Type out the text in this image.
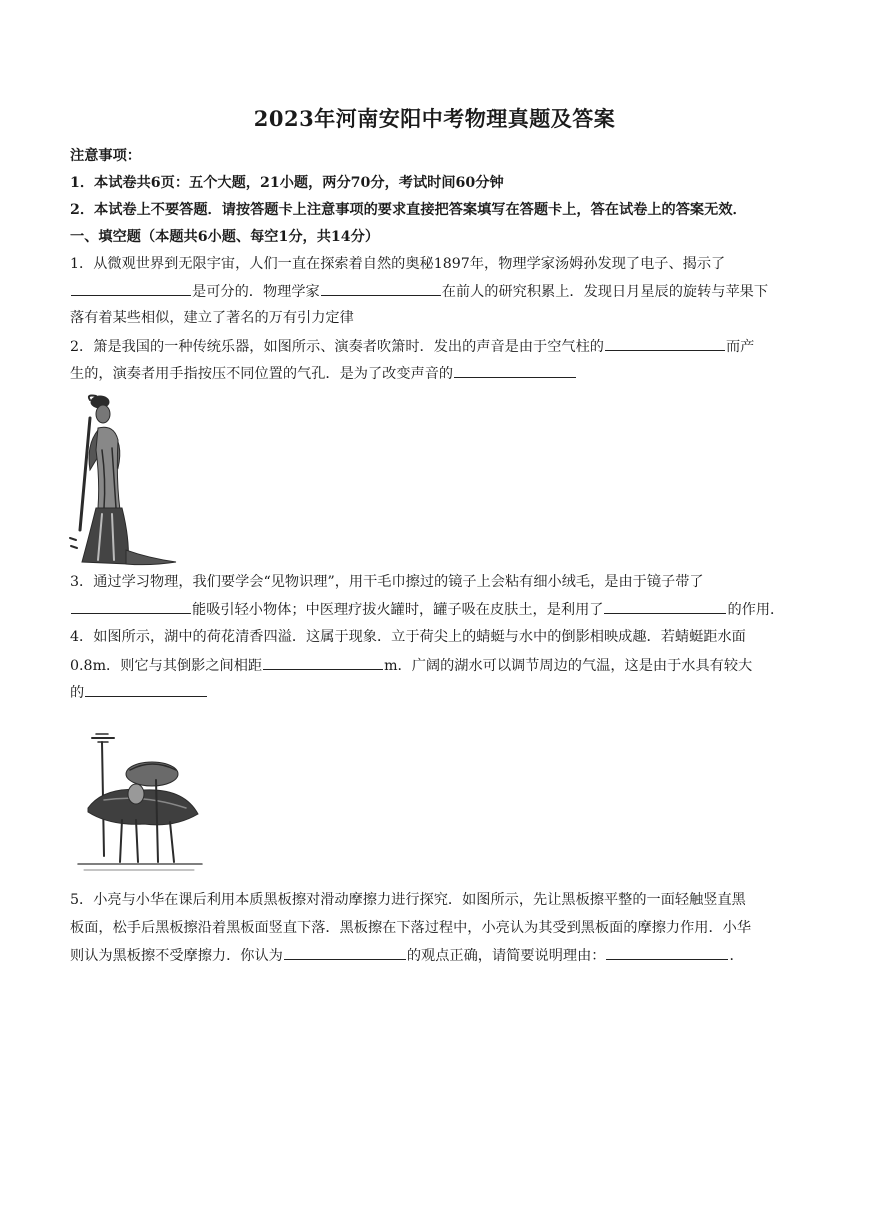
2023年河南安阳中考物理真题及答案
注意事项：
1．本试卷共6页：五个大题，21小题，两分70分，考试时间60分钟
2．本试卷上不要答题．请按答题卡上注意事项的要求直接把答案填写在答题卡上，答在试卷上的答案无效．
一、填空题（本题共6小题、每空1分，共14分）
1．从微观世界到无限宇宙，人们一直在探索着自然的奥秘1897年，物理学家汤姆孙发现了电子、揭示了
是可分的．物理学家	在前人的研究积累上．发现日月星辰的旋转与苹果下
落有着某些相似，建立了著名的万有引力定律
2．箫是我国的一种传统乐器，如图所示、演奏者吹箫时．发出的声音是由于空气柱的	而产
生的，演奏者用手指按压不同位置的气孔．是为了改变声音的
3．通过学习物理，我们要学会“见物识理”，用干毛巾擦过的镜子上会粘有细小绒毛，是由于镜子带了
能吸引轻小物体；中医理疗拔火罐时，罐子吸在皮肤土，是利用了	的作用．
4．如图所示，湖中的荷花清香四溢．这属于现象．立于荷尖上的蜻蜓与水中的倒影相映成趣．若蜻蜓距水面
0.8m．则它与其倒影之间相距	m．广阔的湖水可以调节周边的气温，这是由于水具有较大
的
5．小亮与小华在课后利用本质黑板擦对滑动摩擦力进行探究．如图所示，先让黑板擦平整的一面轻触竖直黑
板面，松手后黑板擦沿着黑板面竖直下落．黑板擦在下落过程中，小亮认为其受到黑板面的摩擦力作用．小华
则认为黑板擦不受摩擦力．你认为	的观点正确，请简要说明理由：	．
